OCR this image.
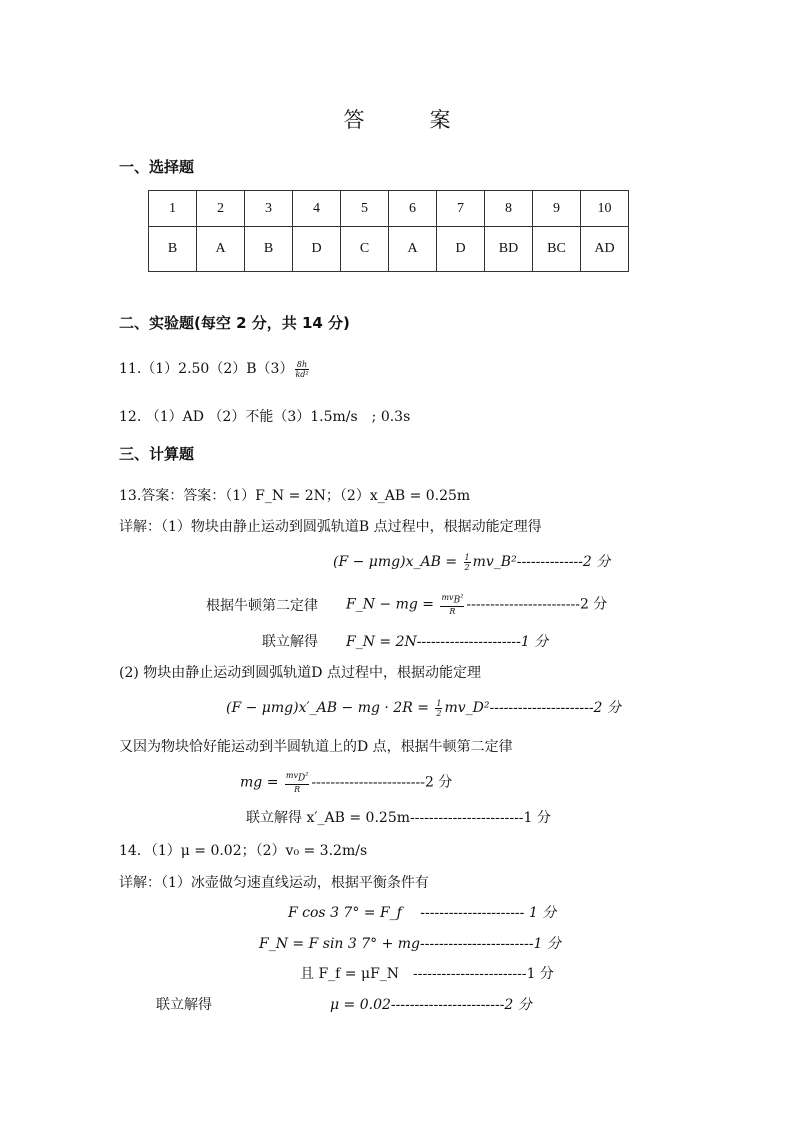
答　案
一、选择题
1	2	3	4	5	6	7	8	9	10
B	A	B	D	C	A	D	BD	BC	AD
二、实验题(每空 2 分，共 14 分)
$11.(1)2.50(2)B(3) \frac{8h}{\text{kd²}}$
12. （1）AD （2）不能（3）1.5m/s　; 0.3s
三、计算题
13.答案：答案：（1）F_N = 2N；（2）x_AB = 0.25m
详解：（1）物块由静止运动到圆弧轨道B 点过程中，根据动能定理得
(F − μmg)x_AB = $\frac{1}{2}$ mv_B²--------------2 分
根据牛顿第二定律 F_N − mg = $\frac{mv_B^2}{R} ------------------------2$ 分
联立解得 F_N = 2N----------------------1 分
(2) 物块由静止运动到圆弧轨道D 点过程中，根据动能定理
(F − μmg)x′_AB − mg · $2R = \frac{1}{2}$ mv_D²----------------------2 分
又因为物块恰好能运动到半圆轨道上的D 点，根据牛顿第二定律
mg = $\frac{mv_D^2}{R} ------------------------2$ 分
联立解得 x′_AB = 0.25m------------------------1 分
14．（1）μ = 0.02；（2）v₀ = 3.2m/s
详解：（1）冰壶做匀速直线运动，根据平衡条件有
F cos 3 7° = F_f　 ---------------------- 1 分
F_N = F sin 3 7° + mg------------------------1 分
且 F_f = μF_N　------------------------1 分
联立解得	μ = 0.02------------------------2 分
